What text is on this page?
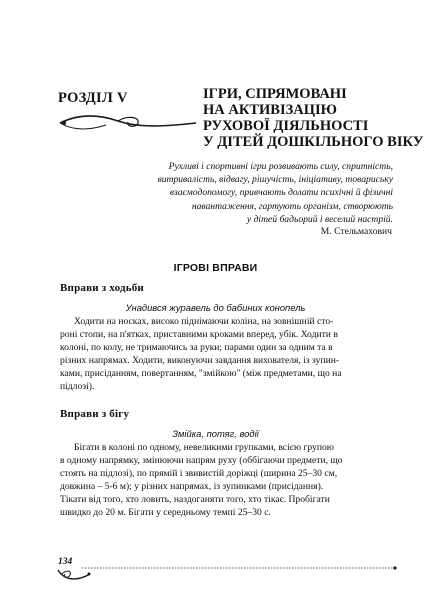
РОЗДІЛ V	ІГРИ, СПРЯМОВАНІ
НА АКТИВІЗАЦІЮ
РУХОВОЇ ДІЯЛЬНОСТІ
У ДІТЕЙ ДОШКІЛЬНОГО ВІКУ
Рухливі і спортивні ігри розвивають силу, спритність,
витривалість, відвагу, рішучість, ініціативу, товариську
взаємодопомогу, привчають долати психічні й фізичні
навантаження, гартують організм, створюють
у дітей бадьорий і веселий настрій.
М. Стельмахович
ІГРОВІ ВПРАВИ
Вправи з ходьби
Унадився журавель до бабиних конопель
Ходити на носках, високо піднімаючи коліна, на зовнішній сто-
роні стопи, на п'ятках, приставними кроками вперед, убік. Ходити в
колоні, по колу, не тримаючись за руки; парами один за одним та в
різних напрямах. Ходити, виконуючи завдання вихователя, із зупин-
ками, присіданням, повертанням, "змійкою" (між предметами, що на
підлозі).
Вправи з бігу
Змійка, потяг, водії
Бігати в колоні по одному, невеликими групками, всією групою
в одному напрямку, змінюючи напрям руху (оббігаючи предмети, що
стоять на підлозі), по прямій і звивистій доріжці (ширина 25–30 см,
довжина – 5-6 м); у різних напрямах, із зупинками (присідання).
Тікати від того, хто ловить, наздоганяти того, хто тікає. Пробігати
швидко до 20 м. Бігати у середньому темпі 25–30 с.
134
